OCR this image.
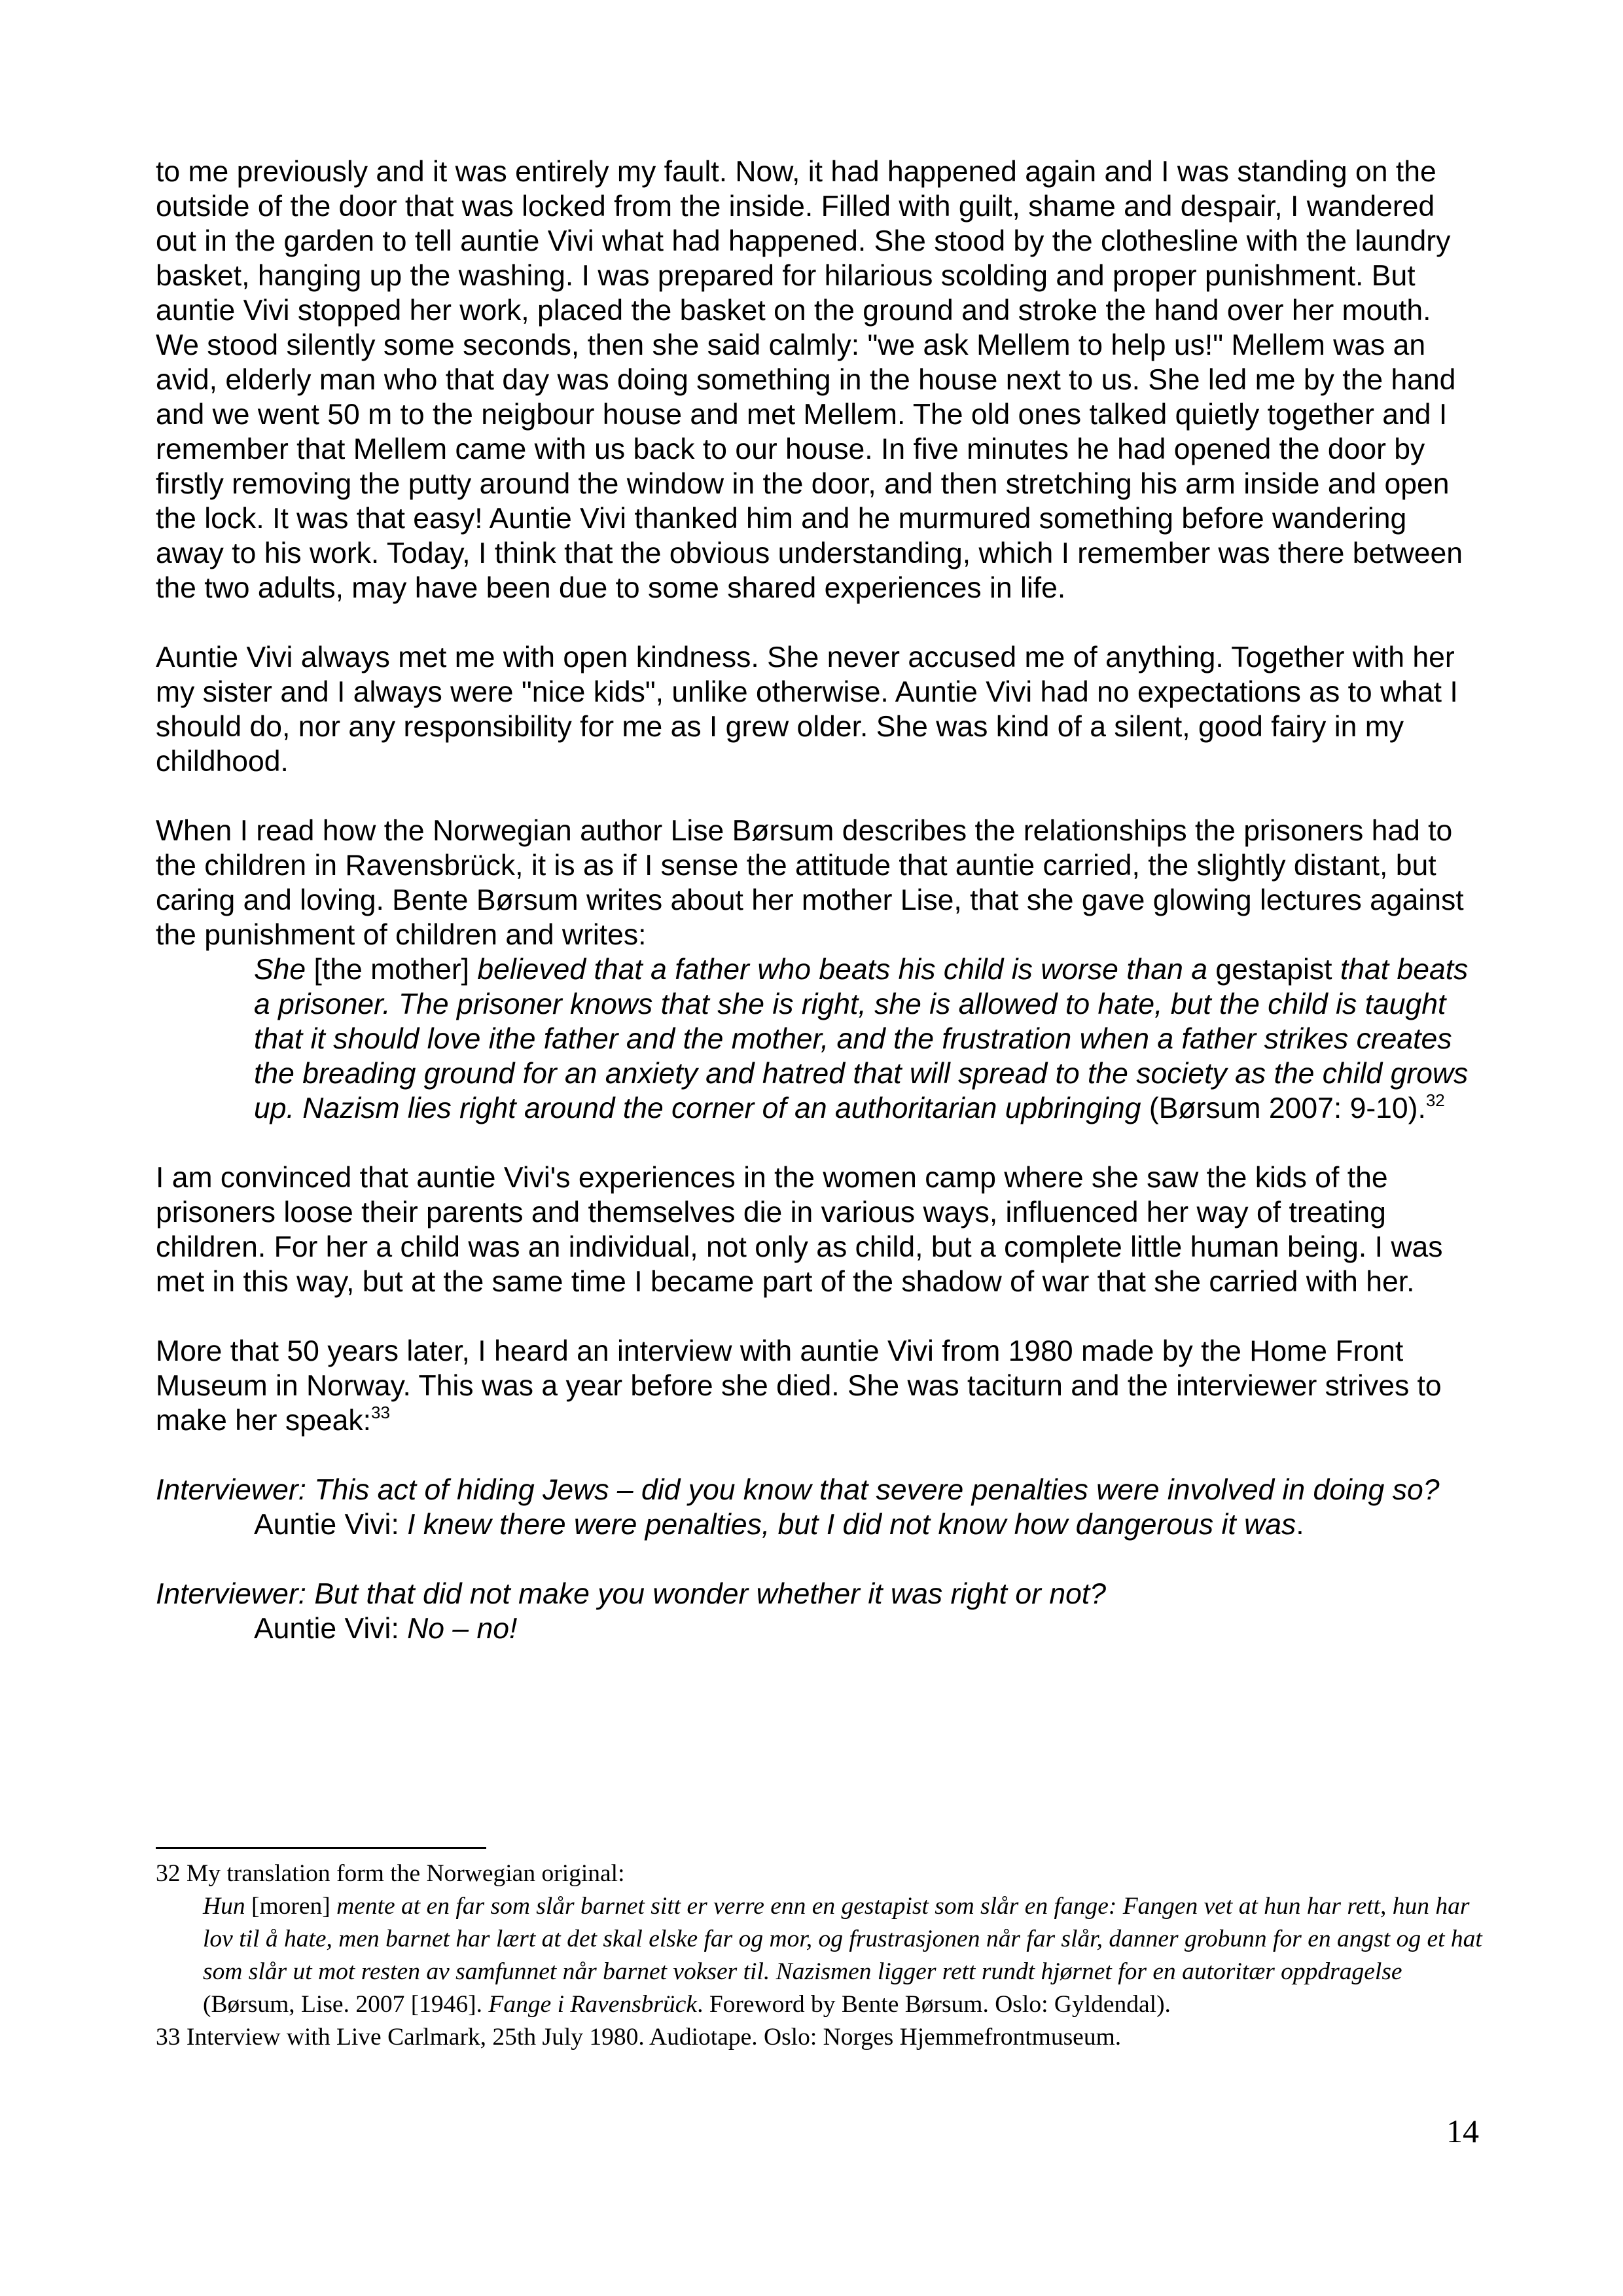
to me previously and it was entirely my fault. Now, it had happened again and I was standing on the outside of the door that was locked from the inside. Filled with guilt, shame and despair, I wandered out in the garden to tell auntie Vivi what had happened. She stood by the clothesline with the laundry basket, hanging up the washing. I was prepared for hilarious scolding and proper punishment. But auntie Vivi stopped her work, placed the basket on the ground and stroke the hand over her mouth. We stood silently some seconds, then she said calmly: "we ask Mellem to help us!" Mellem was an avid, elderly man who that day was doing something in the house next to us. She led me by the hand and we went 50 m to the neigbour house and met Mellem. The old ones talked quietly together and I remember that Mellem came with us back to our house. In five minutes he had opened the door by firstly removing the putty around the window in the door, and then stretching his arm inside and open the lock. It was that easy! Auntie Vivi thanked him and he murmured something before wandering away to his work. Today, I think that the obvious understanding, which I remember was there between the two adults, may have been due to some shared experiences in life.

Auntie Vivi always met me with open kindness. She never accused me of anything. Together with her my sister and I always were "nice kids", unlike otherwise. Auntie Vivi had no expectations as to what I should do, nor any responsibility for me as I grew older. She was kind of a silent, good fairy in my childhood.

When I read how the Norwegian author Lise Børsum describes the relationships the prisoners had to the children in Ravensbrück, it is as if I sense the attitude that auntie carried, the slightly distant, but caring and loving. Bente Børsum writes about her mother Lise, that she gave glowing lectures against the punishment of children and writes:

She [the mother] believed that a father who beats his child is worse than a gestapist that beats a prisoner. The prisoner knows that she is right, she is allowed to hate, but the child is taught that it should love ithe father and the mother, and the frustration when a father strikes creates the breading ground for an anxiety and hatred that will spread to the society as the child grows up. Nazism lies right around the corner of an authoritarian upbringing (Børsum 2007: 9-10).$^{32}$

I am convinced that auntie Vivi's experiences in the women camp where she saw the kids of the prisoners loose their parents and themselves die in various ways, influenced her way of treating children. For her a child was an individual, not only as child, but a complete little human being. I was met in this way, but at the same time I became part of the shadow of war that she carried with her.

More that 50 years later, I heard an interview with auntie Vivi from 1980 made by the Home Front Museum in Norway. This was a year before she died. She was taciturn and the interviewer strives to make her speak:$^{33}$

Interviewer: This act of hiding Jews – did you know that severe penalties were involved in doing so?
Auntie Vivi: I knew there were penalties, but I did not know how dangerous it was.

Interviewer: But that did not make you wonder whether it was right or not?
Auntie Vivi: No – no!

32 My translation form the Norwegian original:
Hun [moren] mente at en far som slår barnet sitt er verre enn en gestapist som slår en fange: Fangen vet at hun har rett, hun har lov til å hate, men barnet har lært at det skal elske far og mor, og frustrasjonen når far slår, danner grobunn for en angst og et hat som slår ut mot resten av samfunnet når barnet vokser til. Nazismen ligger rett rundt hjørnet for en autoritær oppdragelse (Børsum, Lise. 2007 [1946]. Fange i Ravensbrück. Foreword by Bente Børsum. Oslo: Gyldendal).
33 Interview with Live Carlmark, 25th July 1980. Audiotape. Oslo: Norges Hjemmefrontmuseum.
14
